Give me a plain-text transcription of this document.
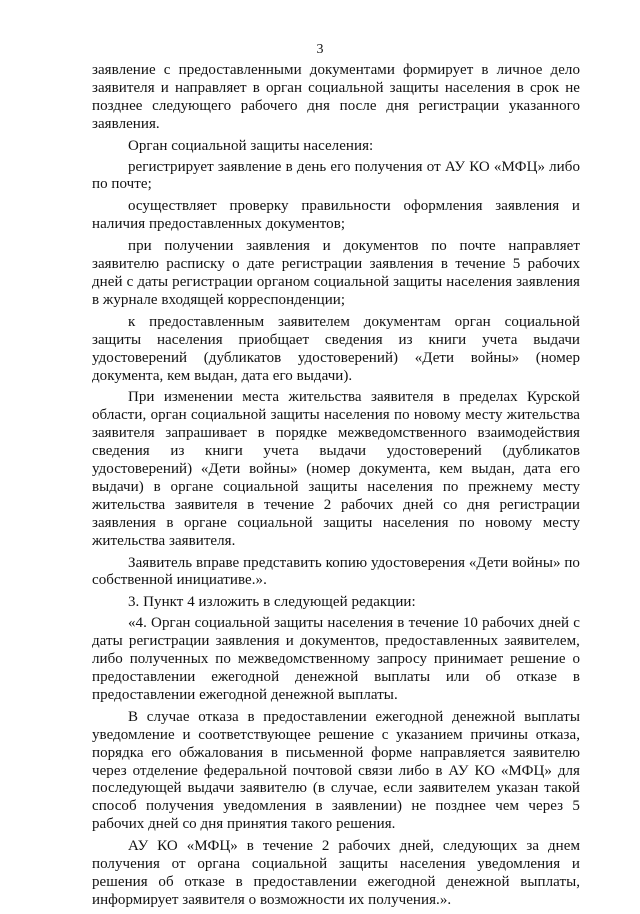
3

заявление с предоставленными документами формирует в личное дело заявителя и направляет в орган социальной защиты населения в срок не позднее следующего рабочего дня после дня регистрации указанного заявления.

Орган социальной защиты населения:

регистрирует заявление в день его получения от АУ КО «МФЦ» либо по почте;

осуществляет проверку правильности оформления заявления и наличия предоставленных документов;

при получении заявления и документов по почте направляет заявителю расписку о дате регистрации заявления в течение 5 рабочих дней с даты регистрации органом социальной защиты населения заявления в журнале входящей корреспонденции;

к предоставленным заявителем документам орган социальной защиты населения приобщает сведения из книги учета выдачи удостоверений (дубликатов удостоверений) «Дети войны» (номер документа, кем выдан, дата его выдачи).

При изменении места жительства заявителя в пределах Курской области, орган социальной защиты населения по новому месту жительства заявителя запрашивает в порядке межведомственного взаимодействия сведения из книги учета выдачи удостоверений (дубликатов удостоверений) «Дети войны» (номер документа, кем выдан, дата его выдачи) в органе социальной защиты населения по прежнему месту жительства заявителя в течение 2 рабочих дней со дня регистрации заявления в органе социальной защиты населения по новому месту жительства заявителя.

Заявитель вправе представить копию удостоверения «Дети войны» по собственной инициативе.».

3. Пункт 4 изложить в следующей редакции:

«4. Орган социальной защиты населения в течение 10 рабочих дней с даты регистрации заявления и документов, предоставленных заявителем, либо полученных по межведомственному запросу принимает решение о предоставлении ежегодной денежной выплаты или об отказе в предоставлении ежегодной денежной выплаты.

В случае отказа в предоставлении ежегодной денежной выплаты уведомление и соответствующее решение с указанием причины отказа, порядка его обжалования в письменной форме направляется заявителю через отделение федеральной почтовой связи либо в АУ КО «МФЦ» для последующей выдачи заявителю (в случае, если заявителем указан такой способ получения уведомления в заявлении) не позднее чем через 5 рабочих дней со дня принятия такого решения.

АУ КО «МФЦ» в течение 2 рабочих дней, следующих за днем получения от органа социальной защиты населения уведомления и решения об отказе в предоставлении ежегодной денежной выплаты, информирует заявителя о возможности их получения.».
